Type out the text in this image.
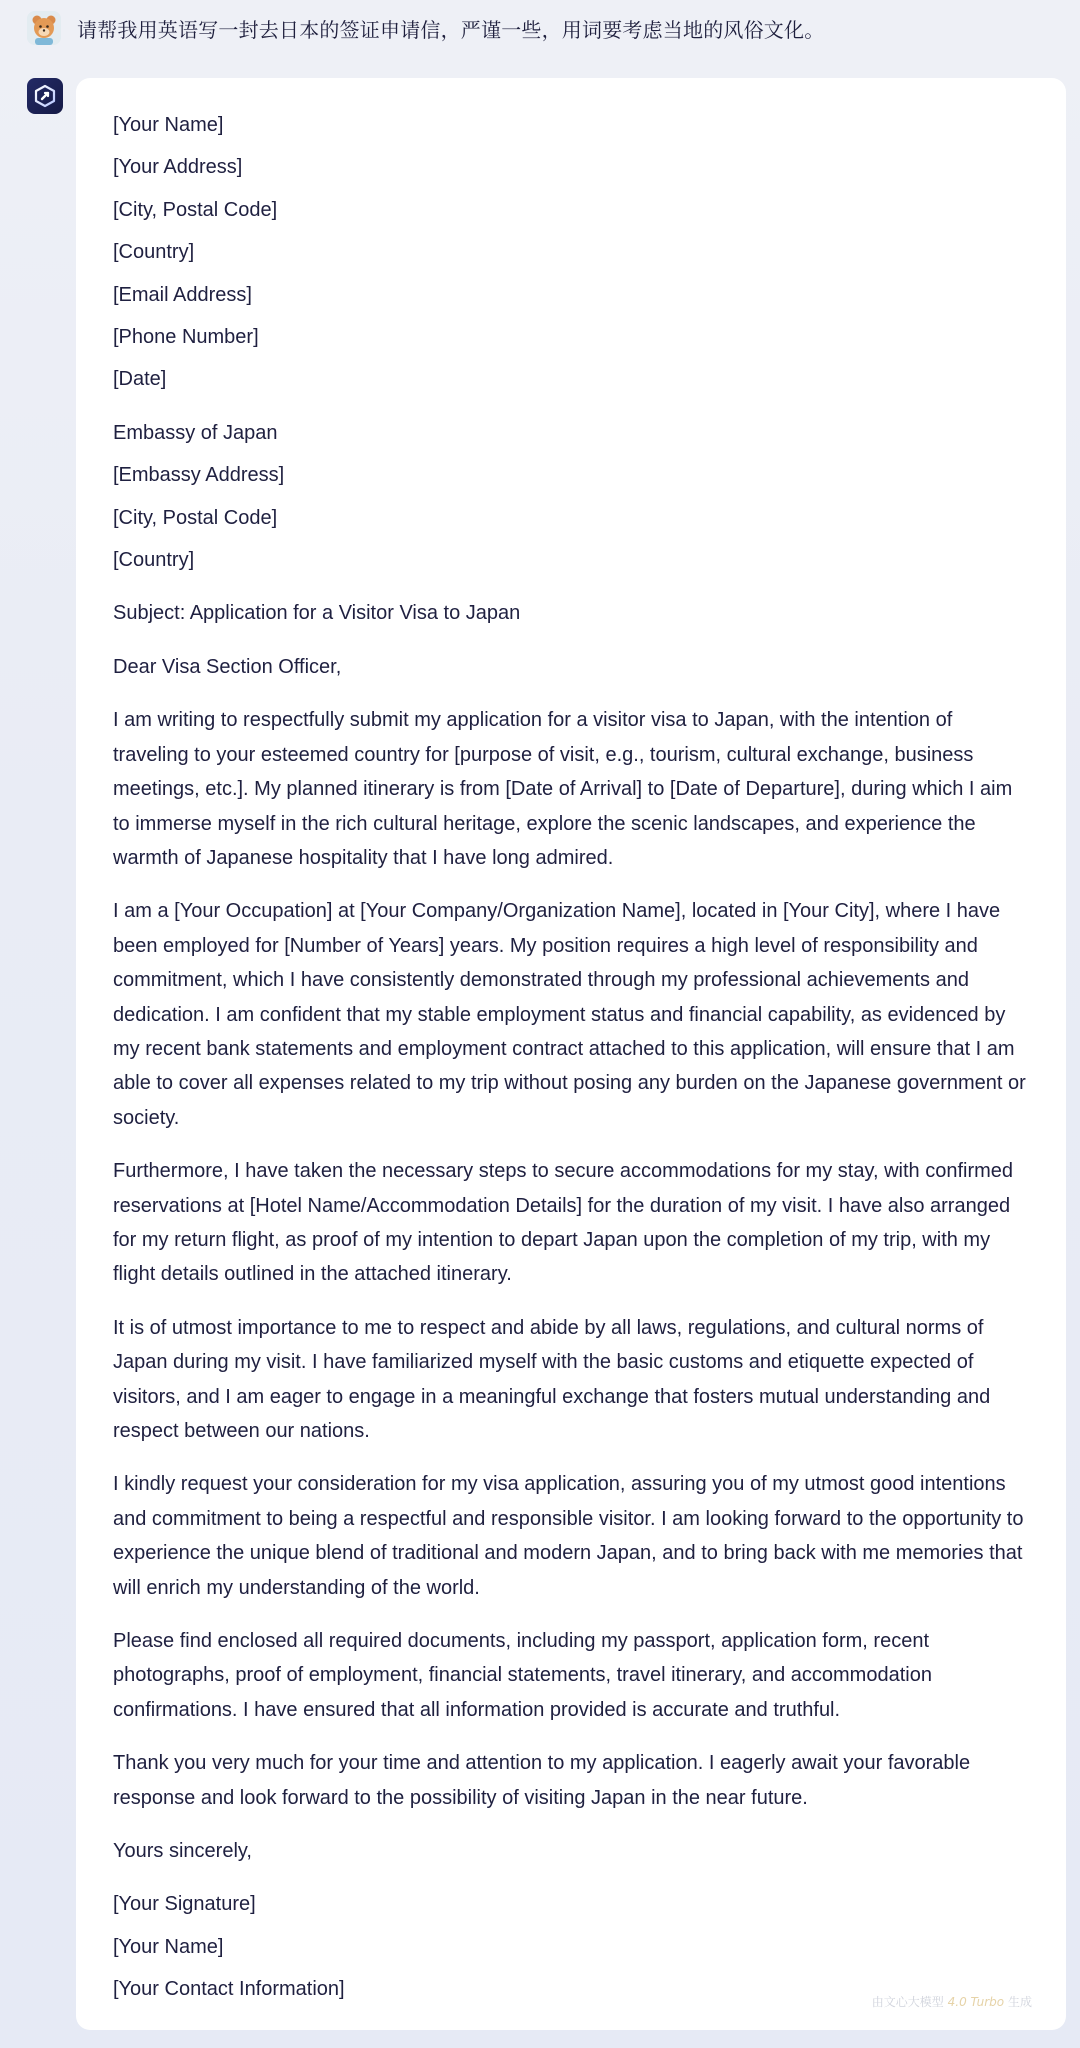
请帮我用英语写一封去日本的签证申请信，严谨一些，用词要考虑当地的风俗文化。

[Your Name]

[Your Address]

[City, Postal Code]

[Country]

[Email Address]

[Phone Number]

[Date]

Embassy of Japan

[Embassy Address]

[City, Postal Code]

[Country]

Subject: Application for a Visitor Visa to Japan

Dear Visa Section Officer,

I am writing to respectfully submit my application for a visitor visa to Japan, with the intention of traveling to your esteemed country for [purpose of visit, e.g., tourism, cultural exchange, business meetings, etc.]. My planned itinerary is from [Date of Arrival] to [Date of Departure], during which I aim to immerse myself in the rich cultural heritage, explore the scenic landscapes, and experience the warmth of Japanese hospitality that I have long admired.

I am a [Your Occupation] at [Your Company/Organization Name], located in [Your City], where I have been employed for [Number of Years] years. My position requires a high level of responsibility and commitment, which I have consistently demonstrated through my professional achievements and dedication. I am confident that my stable employment status and financial capability, as evidenced by my recent bank statements and employment contract attached to this application, will ensure that I am able to cover all expenses related to my trip without posing any burden on the Japanese government or society.

Furthermore, I have taken the necessary steps to secure accommodations for my stay, with confirmed reservations at [Hotel Name/Accommodation Details] for the duration of my visit. I have also arranged for my return flight, as proof of my intention to depart Japan upon the completion of my trip, with my flight details outlined in the attached itinerary.

It is of utmost importance to me to respect and abide by all laws, regulations, and cultural norms of Japan during my visit. I have familiarized myself with the basic customs and etiquette expected of visitors, and I am eager to engage in a meaningful exchange that fosters mutual understanding and respect between our nations.

I kindly request your consideration for my visa application, assuring you of my utmost good intentions and commitment to being a respectful and responsible visitor. I am looking forward to the opportunity to experience the unique blend of traditional and modern Japan, and to bring back with me memories that will enrich my understanding of the world.

Please find enclosed all required documents, including my passport, application form, recent photographs, proof of employment, financial statements, travel itinerary, and accommodation confirmations. I have ensured that all information provided is accurate and truthful.

Thank you very much for your time and attention to my application. I eagerly await your favorable response and look forward to the possibility of visiting Japan in the near future.

Yours sincerely,

[Your Signature]

[Your Name]

[Your Contact Information]

由文心大模型 4.0 Turbo 生成
